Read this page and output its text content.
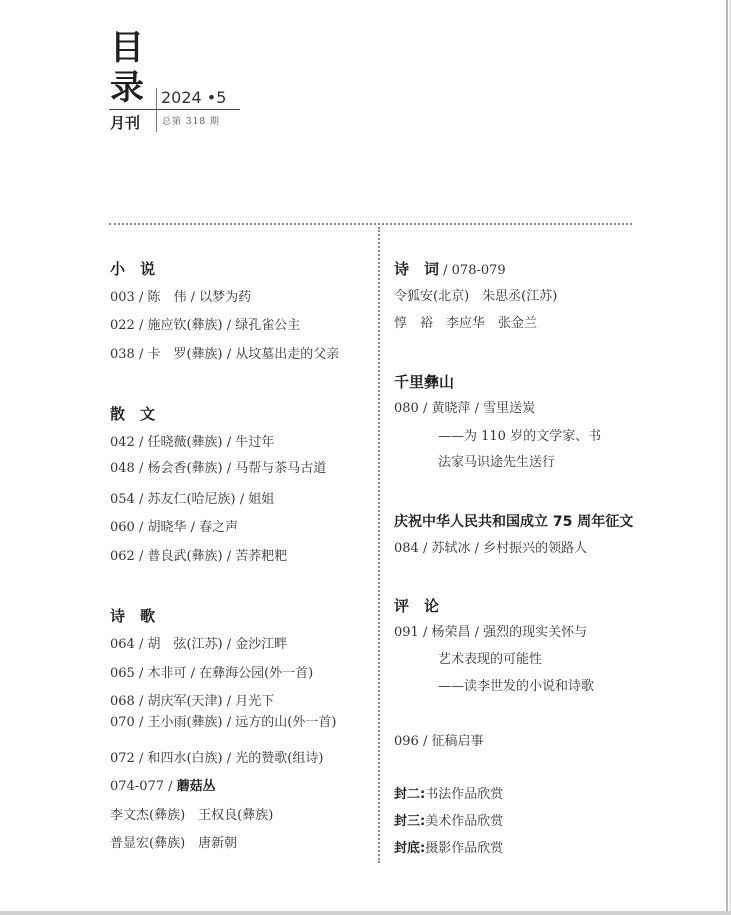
目
录
月刊
2024 •5
总第 318 期
小　说
003 / 陈　伟 / 以梦为药
022 / 施应钦(彝族) / 绿孔雀公主
038 / 卡　罗(彝族) / 从坟墓出走的父亲
散　文
042 / 任晓薇(彝族) / 牛过年
048 / 杨会香(彝族) / 马帮与茶马古道
054 / 苏友仁(哈尼族) / 姐姐
060 / 胡晓华 / 春之声
062 / 普良武(彝族) / 苦荞粑粑
诗　歌
064 / 胡　弦(江苏) / 金沙江畔
065 / 木非可 / 在彝海公园(外一首)
068 / 胡庆军(天津) / 月光下
070 / 王小雨(彝族) / 远方的山(外一首)
072 / 和四水(白族) / 光的赞歌(组诗)
074-077 / 蘑菇丛
李文杰(彝族)　王权良(彝族)
普显宏(彝族)　唐新朝
诗　词 / 078-079
令狐安(北京)　朱思丞(江苏)
惇　裕　李应华　张金兰
千里彝山
080 / 黄晓萍 / 雪里送炭
——为 110 岁的文学家、书
法家马识途先生送行
庆祝中华人民共和国成立 75 周年征文
084 / 苏轼冰 / 乡村振兴的领路人
评　论
091 / 杨荣昌 / 强烈的现实关怀与
艺术表现的可能性
——读李世发的小说和诗歌
096 / 征稿启事
封二:书法作品欣赏
封三:美术作品欣赏
封底:摄影作品欣赏
